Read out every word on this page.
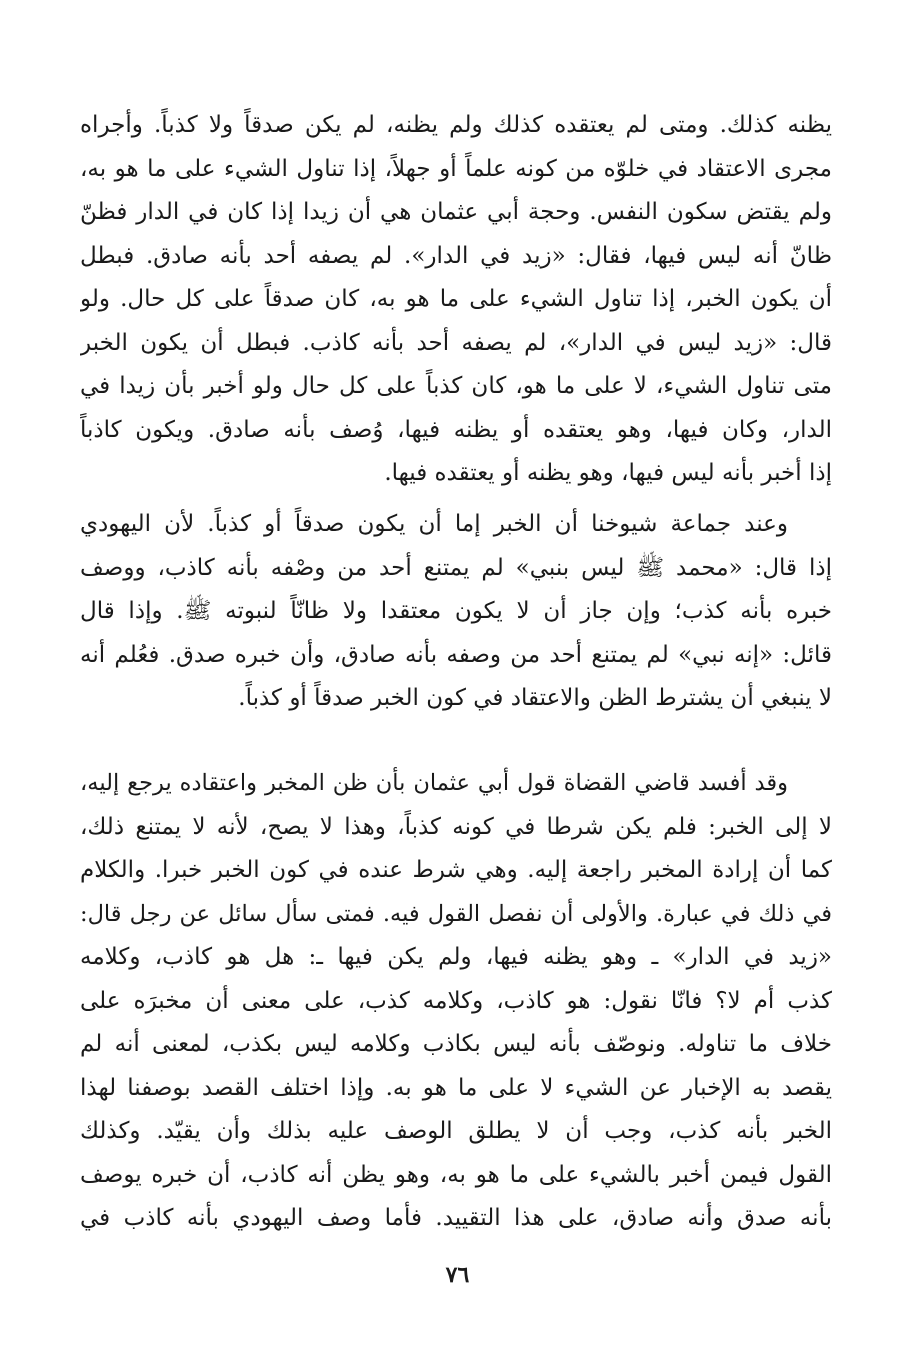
يظنه كذلك. ومتى لم يعتقده كذلك ولم يظنه، لم يكن صدقاً ولا كذباً. وأجراه
مجرى الاعتقاد في خلوّه من كونه علماً أو جهلاً، إذا تناول الشيء على ما هو به،
ولم يقتض سكون النفس. وحجة أبي عثمان هي أن زيدا إذا كان في الدار فظنّ
ظانّ أنه ليس فيها، فقال: «زيد في الدار». لم يصفه أحد بأنه صادق. فبطل
أن يكون الخبر، إذا تناول الشيء على ما هو به، كان صدقاً على كل حال. ولو
قال: «زيد ليس في الدار»، لم يصفه أحد بأنه كاذب. فبطل أن يكون الخبر
متى تناول الشيء، لا على ما هو، كان كذباً على كل حال ولو أخبر بأن زيدا في
الدار، وكان فيها، وهو يعتقده أو يظنه فيها، وُصف بأنه صادق. ويكون كاذباً
إذا أخبر بأنه ليس فيها، وهو يظنه أو يعتقده فيها.
وعند جماعة شيوخنا أن الخبر إما أن يكون صدقاً أو كذباً. لأن اليهودي
إذا قال: «محمد ﷺ ليس بنبي» لم يمتنع أحد من وصْفه بأنه كاذب، ووصف
خبره بأنه كذب؛ وإن جاز أن لا يكون معتقدا ولا ظانّاً لنبوته ﷺ. وإذا قال
قائل: «إنه نبي» لم يمتنع أحد من وصفه بأنه صادق، وأن خبره صدق. فعُلم أنه
لا ينبغي أن يشترط الظن والاعتقاد في كون الخبر صدقاً أو كذباً.
وقد أفسد قاضي القضاة قول أبي عثمان بأن ظن المخبر واعتقاده يرجع إليه،
لا إلى الخبر: فلم يكن شرطا في كونه كذباً، وهذا لا يصح، لأنه لا يمتنع ذلك،
كما أن إرادة المخبر راجعة إليه. وهي شرط عنده في كون الخبر خبرا. والكلام
في ذلك في عبارة. والأولى أن نفصل القول فيه. فمتى سأل سائل عن رجل قال:
«زيد في الدار» ـ وهو يظنه فيها، ولم يكن فيها ـ: هل هو كاذب، وكلامه
كذب أم لا؟ فانّا نقول: هو كاذب، وكلامه كذب، على معنى أن مخبرَه على
خلاف ما تناوله. ونوصّف بأنه ليس بكاذب وكلامه ليس بكذب، لمعنى أنه لم
يقصد به الإخبار عن الشيء لا على ما هو به. وإذا اختلف القصد بوصفنا لهذا
الخبر بأنه كذب، وجب أن لا يطلق الوصف عليه بذلك وأن يقيّد. وكذلك
القول فيمن أخبر بالشيء على ما هو به، وهو يظن أنه كاذب، أن خبره يوصف
بأنه صدق وأنه صادق، على هذا التقييد. فأما وصف اليهودي بأنه كاذب في
٧٦
